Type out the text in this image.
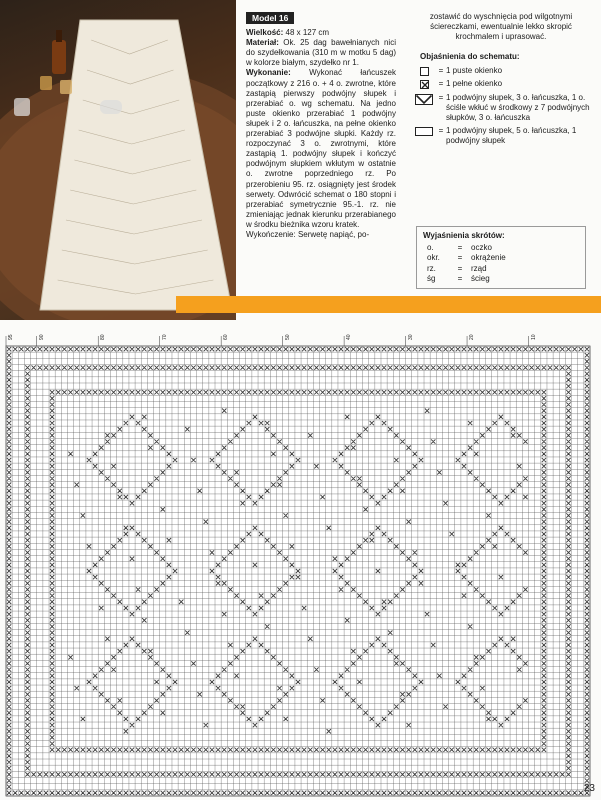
Model 16

Wielkość: 48 x 127 cm

Materiał: Ok. 25 dag bawełnianych nici do szydełkowania (310 m w motku 5 dag) w kolorze białym, szydełko nr 1.

Wykonanie: Wykonać łańcuszek początkowy z 216 o. + 4 o. zwrotne, które zastąpią pierwszy podwójny słupek i przerabiać o. wg schematu. Na jedno puste okienko przerabiać 1 podwójny słupek i 2 o. łańcuszka, na pełne okienko przerabiać 3 podwójne słupki. Każdy rz. rozpoczynać 3 o. zwrotnymi, które zastąpią 1. podwójny słupek i kończyć podwójnym słupkiem wkłutym w ostatnie o. zwrotne poprzedniego rz. Po przerobieniu 95. rz. osiągnięty jest środek serwety. Odwrócić schemat o 180 stopni i przerabiać symetrycznie 95.-1. rz. nie zmieniając jednak kierunku przerabianego w środku bieżnika wzoru kratek.

Wykończenie: Serwetę napiąć, po-

zostawić do wyschnięcia pod wilgotnymi ściereczkami, ewentualnie lekko skropić krochmalem i uprasować.
Objaśnienia do schematu:
= 1 puste okienko
= 1 pełne okienko
= 1 podwójny słupek, 3 o. łańcuszka, 1 o. ściśle wkłuć w środkowy z 7 podwójnych słupków, 3 o. łańcuszka
= 1 podwójny słupek, 5 o. łańcuszka, 1 podwójny słupek
Wyjaśnienia skrótów:
o.	=	oczko
okr.	=	okrążenie
rz.	=	rząd
śg	=	ścieg
95	90	80	70	60	50	40	30	20	10
23
